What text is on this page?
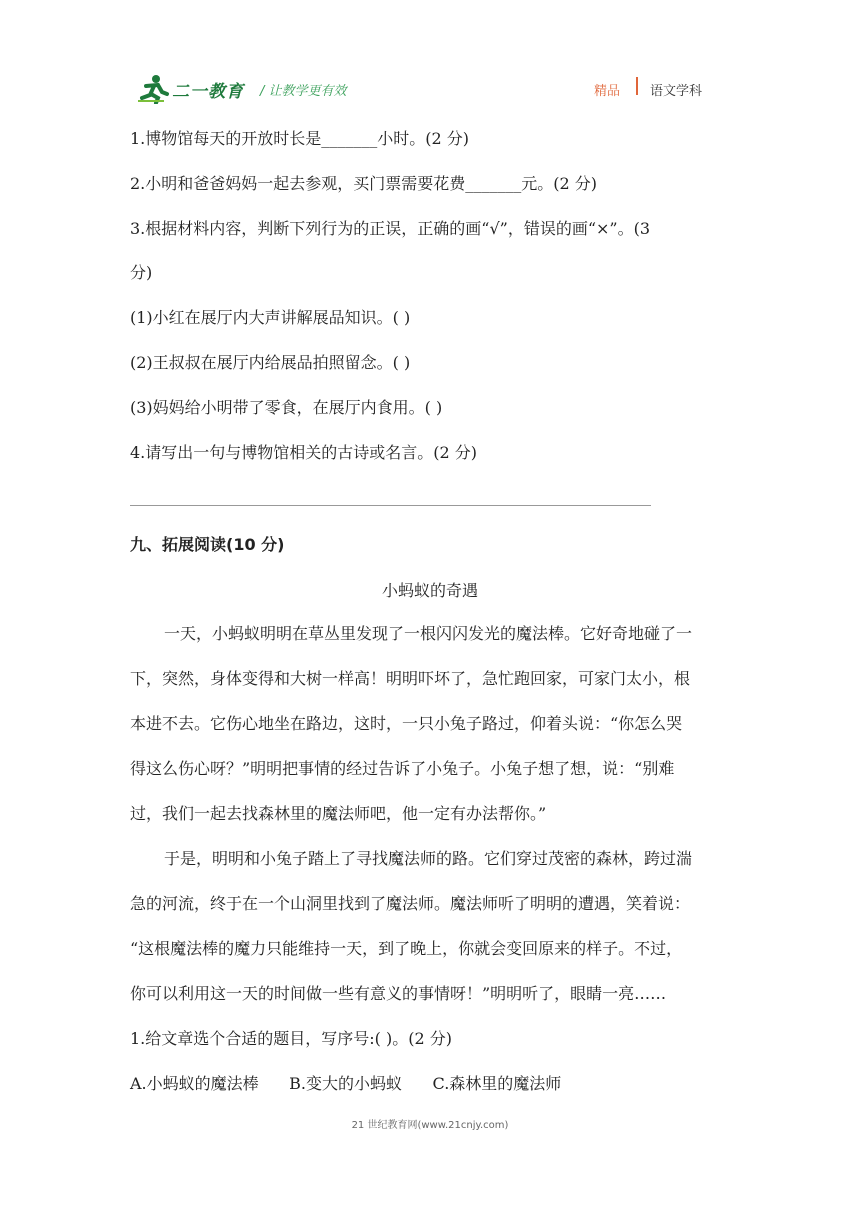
二一教育 / 让教学更有效	精品 语文学科
1.博物馆每天的开放时长是_______小时。(2 分)
2.小明和爸爸妈妈一起去参观，买门票需要花费_______元。(2 分)
3.根据材料内容，判断下列行为的正误，正确的画“√”，错误的画“×”。(3
分)
(1)小红在展厅内大声讲解展品知识。( )
(2)王叔叔在展厅内给展品拍照留念。( )
(3)妈妈给小明带了零食，在展厅内食用。( )
4.请写出一句与博物馆相关的古诗或名言。(2 分)
九、拓展阅读(10 分)
小蚂蚁的奇遇
一天，小蚂蚁明明在草丛里发现了一根闪闪发光的魔法棒。它好奇地碰了一
下，突然，身体变得和大树一样高！明明吓坏了，急忙跑回家，可家门太小，根
本进不去。它伤心地坐在路边，这时，一只小兔子路过，仰着头说：“你怎么哭
得这么伤心呀？”明明把事情的经过告诉了小兔子。小兔子想了想，说：“别难
过，我们一起去找森林里的魔法师吧，他一定有办法帮你。”
于是，明明和小兔子踏上了寻找魔法师的路。它们穿过茂密的森林，跨过湍
急的河流，终于在一个山洞里找到了魔法师。魔法师听了明明的遭遇，笑着说：
“这根魔法棒的魔力只能维持一天，到了晚上，你就会变回原来的样子。不过，
你可以利用这一天的时间做一些有意义的事情呀！”明明听了，眼睛一亮……
1.给文章选个合适的题目，写序号:( )。(2 分)
A.小蚂蚁的魔法棒      B.变大的小蚂蚁      C.森林里的魔法师
21 世纪教育网(www.21cnjy.com)
